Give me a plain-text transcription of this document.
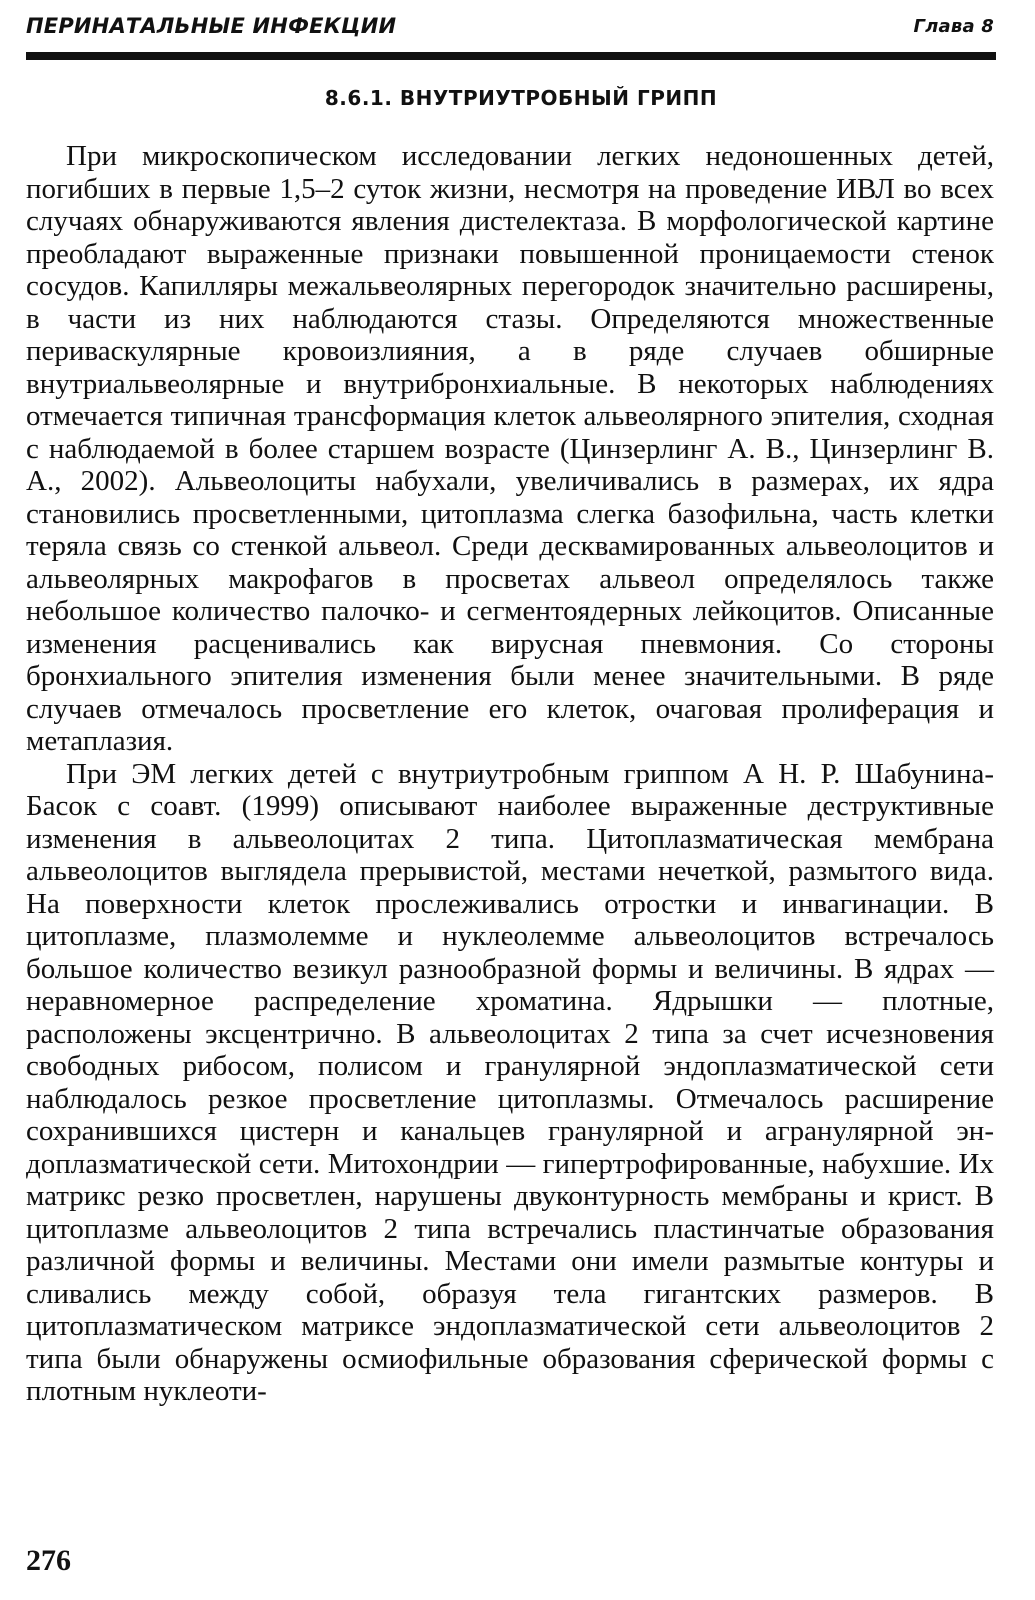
ПЕРИНАТАЛЬНЫЕ ИНФЕКЦИИ	Глава 8
8.6.1. ВНУТРИУТРОБНЫЙ ГРИПП

При микроскопическом исследовании легких недоношенных детей, погибших в первые 1,5–2 суток жизни, несмотря на проведение ИВЛ во всех случаях обнаруживаются явления дистелектаза. В морфологической картине преобладают выраженные признаки повышенной проницаемости стенок сосудов. Капилляры межальвеолярных перегородок значительно расширены, в части из них наблюдаются стазы. Определяются множественные периваскулярные кровоизлияния, а в ряде случаев обширные внутриальвеолярные и внутрибронхиальные. В некоторых наблюдениях отмечается типичная трансформация клеток альвеолярного эпителия, сходная с наблюдаемой в более старшем возрасте (Цинзерлинг А. В., Цинзерлинг В. А., 2002). Альвеолоциты набухали, увеличивались в размерах, их ядра становились просветленными, цитоплазма слегка базофильна, часть клетки теряла связь со стенкой альвеол. Среди десквамированных альвеолоцитов и альвеолярных макрофагов в просветах альвеол определялось также небольшое количество палочко- и сегментоядерных лейкоцитов. Описанные изменения расценивались как вирусная пневмония. Со стороны бронхиального эпителия изменения были менее значительными. В ряде случаев отмечалось просветление его клеток, очаговая пролиферация и метаплазия.

При ЭМ легких детей с внутриутробным гриппом А Н. Р. Шабунина-Басок с соавт. (1999) описывают наиболее выраженные деструктивные изменения в альвеолоцитах 2 типа. Цитоплазматическая мембрана альвеолоцитов выглядела прерывистой, местами нечеткой, размытого вида. На поверхности клеток прослеживались отростки и инвагинации. В цитоплазме, плазмолемме и нуклеолемме альвеолоцитов встречалось большое количество везикул разнообразной формы и величины. В ядрах — неравномерное распределение хроматина. Ядрышки — плотные, расположены эксцентрично. В альвеолоцитах 2 типа за счет исчезновения свободных рибосом, полисом и гранулярной эндоплазматической сети наблюдалось резкое просветление цитоплазмы. Отмечалось расширение сохранившихся цистерн и канальцев гранулярной и агранулярной эндоплазматической сети. Митохондрии — гипертрофированные, набухшие. Их матрикс резко просветлен, нарушены двуконтурность мембраны и крист. В цитоплазме альвеолоцитов 2 типа встречались пластинчатые образования различной формы и величины. Местами они имели размытые контуры и сливались между собой, образуя тела гигантских размеров. В цитоплазматическом матриксе эндоплазматической сети альвеолоцитов 2 типа были обнаружены осмиофильные образования сферической формы с плотным нуклеоти-

276
